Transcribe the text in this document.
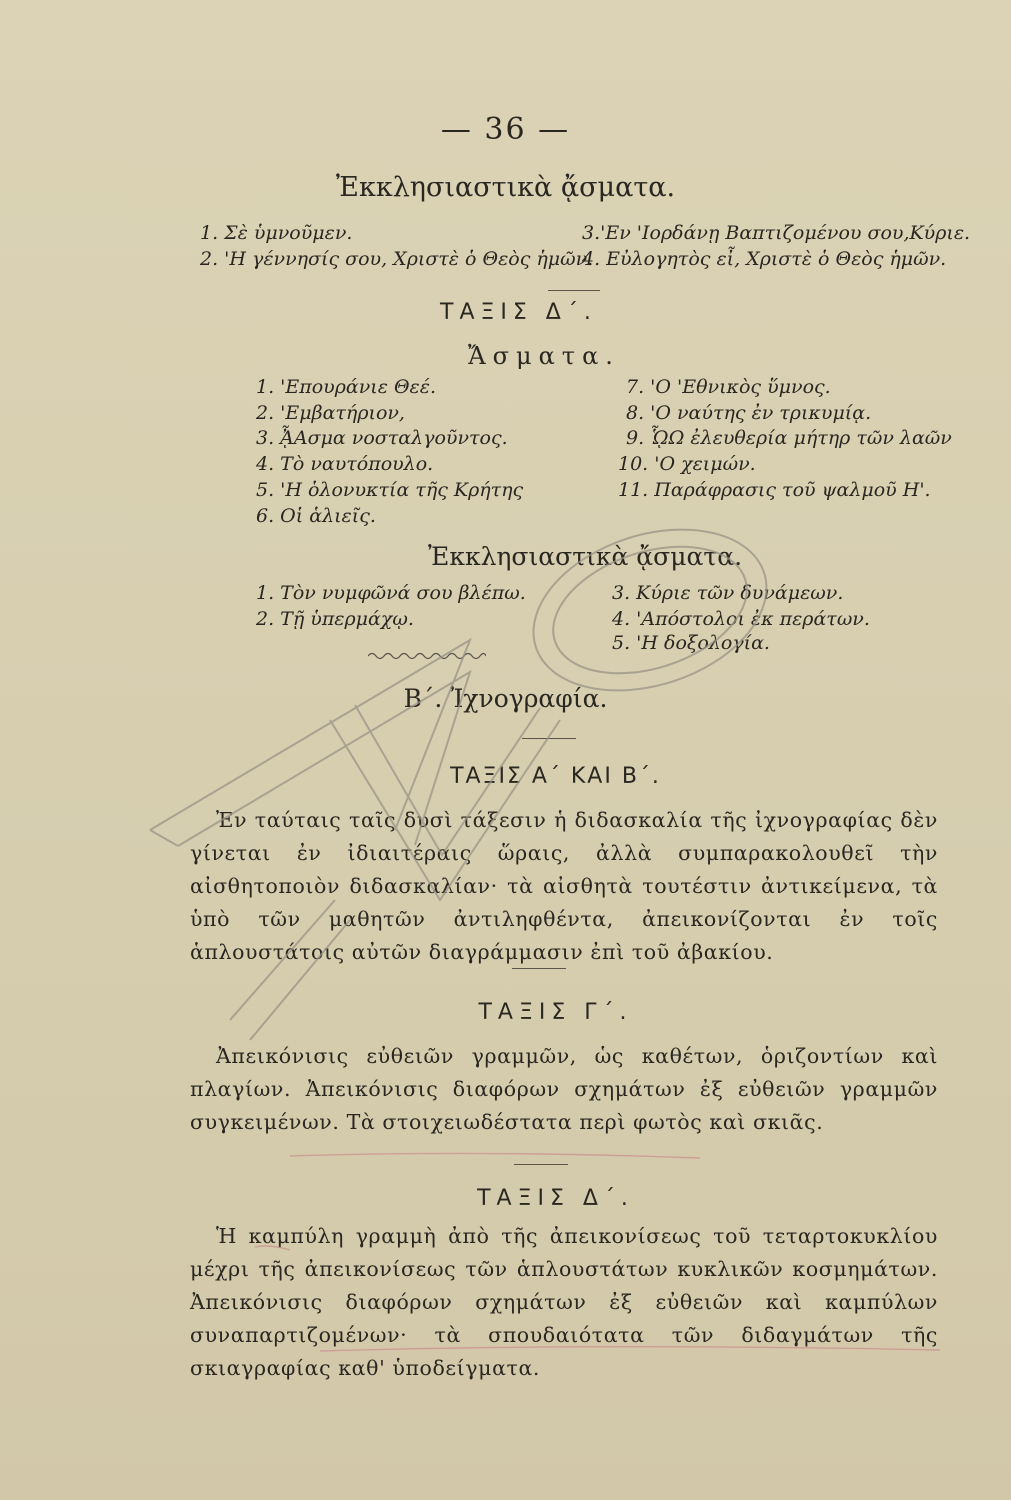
— 36 —
Ἐκκλησιαστικὰ ᾄσματα.
1. Σὲ ὑμνοῦμεν.	3.'Εν 'Ιορδάνῃ Βαπτιζομένου σου,Κύριε.
2. 'Η γέννησίς σου, Χριστὲ ὁ Θεὸς ἡμῶν.
4. Εὐλογητὸς εἶ, Χριστὲ ὁ Θεὸς ἡμῶν.
ΤΑΞΙΣ Δ΄.
Ἄσματα.
1. 'Επουράνιε Θεέ.
2. 'Εμβατήριον,
3. ᾎΑσμα νοσταλγοῦντος.
4. Τὸ ναυτόπουλο.
5. 'Η ὁλονυκτία τῆς Κρήτης
6. Οἱ ἁλιεῖς.
7. 'Ο 'Εθνικὸς ὕμνος.
8. 'Ο ναύτης ἐν τρικυμίᾳ.
9. ᾯΩ ἐλευθερία μήτηρ τῶν λαῶν
10. 'Ο χειμών.
11. Παράφρασις τοῦ ψαλμοῦ Η'.
Ἐκκλησιαστικὰ ᾄσματα.
1. Τὸν νυμφῶνά σου βλέπω.
2. Τῇ ὑπερμάχῳ.
3. Κύριε τῶν δυνάμεων.
4. 'Απόστολοι ἐκ περάτων.
5. 'Η δοξολογία.
Β΄. Ἰχνογραφία.
ΤΑΞΙΣ Α΄ ΚΑΙ Β΄.
Ἐν ταύταις ταῖς δυσὶ τάξεσιν ἡ διδασκαλία τῆς ἰχνογραφίας δὲν γίνεται ἐν ἰδιαιτέραις ὥραις, ἀλλὰ συμπαρακολουθεῖ τὴν αἰσθητοποιὸν διδασκαλίαν· τὰ αἰσθητὰ τουτέστιν ἀντικείμενα, τὰ ὑπὸ τῶν μαθητῶν ἀντιληφθέντα, ἀπεικονίζονται ἐν τοῖς ἁπλουστάτοις αὐτῶν διαγράμμασιν ἐπὶ τοῦ ἀβακίου.
ΤΑΞΙΣ Γ΄.
Ἀπεικόνισις εὐθειῶν γραμμῶν, ὡς καθέτων, ὁριζοντίων καὶ πλαγίων. Ἀπεικόνισις διαφόρων σχημάτων ἐξ εὐθειῶν γραμμῶν συγκειμένων. Τὰ στοιχειωδέστατα περὶ φωτὸς καὶ σκιᾶς.
ΤΑΞΙΣ Δ΄.
Ἡ καμπύλη γραμμὴ ἀπὸ τῆς ἀπεικονίσεως τοῦ τεταρτοκυκλίου μέχρι τῆς ἀπεικονίσεως τῶν ἁπλουστάτων κυκλικῶν κοσμημάτων. Ἀπεικόνισις διαφόρων σχημάτων ἐξ εὐθειῶν καὶ καμπύλων συναπαρτιζομένων· τὰ σπουδαιότατα τῶν διδαγμάτων τῆς σκιαγραφίας καθ' ὑποδείγματα.
